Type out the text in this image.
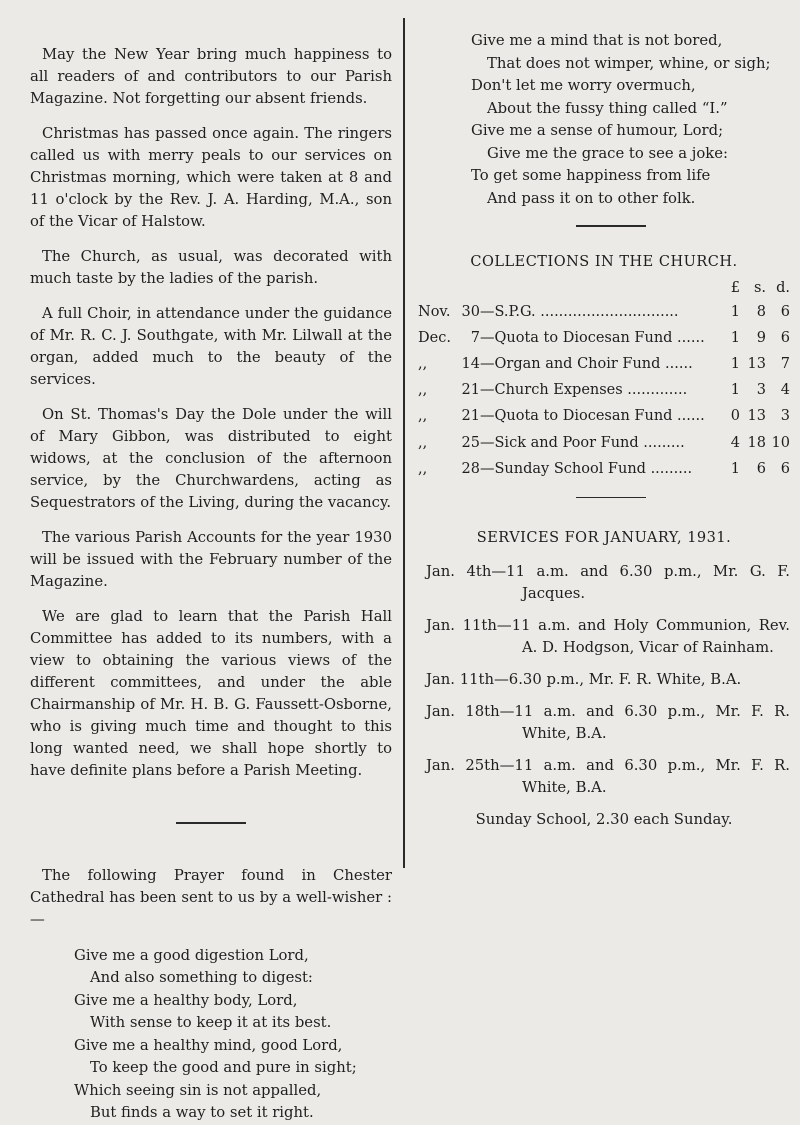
May the New Year bring much happiness to all readers of and contributors to our Parish Magazine. Not forgetting our absent friends.

Christmas has passed once again. The ringers called us with merry peals to our services on Christmas morning, which were taken at 8 and 11 o'clock by the Rev. J. A. Harding, M.A., son of the Vicar of Halstow.

The Church, as usual, was decorated with much taste by the ladies of the parish.

A full Choir, in attendance under the guidance of Mr. R. C. J. Southgate, with Mr. Lilwall at the organ, added much to the beauty of the services.

On St. Thomas's Day the Dole under the will of Mary Gibbon, was distributed to eight widows, at the conclusion of the afternoon service, by the Churchwardens, acting as Sequestrators of the Living, during the vacancy.

The various Parish Accounts for the year 1930 will be issued with the February number of the Magazine.

We are glad to learn that the Parish Hall Committee has added to its numbers, with a view to obtaining the various views of the different committees, and under the able Chairmanship of Mr. H. B. G. Faussett-Osborne, who is giving much time and thought to this long wanted need, we shall hope shortly to have definite plans before a Parish Meeting.

The following Prayer found in Chester Cathedral has been sent to us by a well-wisher :—

Give me a good digestion Lord,
And also something to digest:
Give me a healthy body, Lord,
With sense to keep it at its best.
Give me a healthy mind, good Lord,
To keep the good and pure in sight;
Which seeing sin is not appalled,
But finds a way to set it right.
Give me a mind that is not bored,
That does not wimper, whine, or sigh;
Don't let me worry overmuch,
About the fussy thing called “I.”
Give me a sense of humour, Lord;
Give me the grace to see a joke:
To get some happiness from life
And pass it on to other folk.
COLLECTIONS IN THE CHURCH.
			£	s.	d.
Nov.	30	—S.P.G. ..............................	1	8	6
Dec.	7	—Quota to Diocesan Fund ......	1	9	6
,,	14	—Organ and Choir Fund ......	1	13	7
,,	21	—Church Expenses .............	1	3	4
,,	21	—Quota to Diocesan Fund ......	0	13	3
,,	25	—Sick and Poor Fund .........	4	18	10
,,	28	—Sunday School Fund .........	1	6	6
SERVICES FOR JANUARY, 1931.

Jan. 4th—11 a.m. and 6.30 p.m., Mr. G. F. Jacques.

Jan. 11th—11 a.m. and Holy Communion, Rev. A. D. Hodgson, Vicar of Rainham.

Jan. 11th—6.30 p.m., Mr. F. R. White, B.A.

Jan. 18th—11 a.m. and 6.30 p.m., Mr. F. R. White, B.A.

Jan. 25th—11 a.m. and 6.30 p.m., Mr. F. R. White, B.A.

Sunday School, 2.30 each Sunday.
